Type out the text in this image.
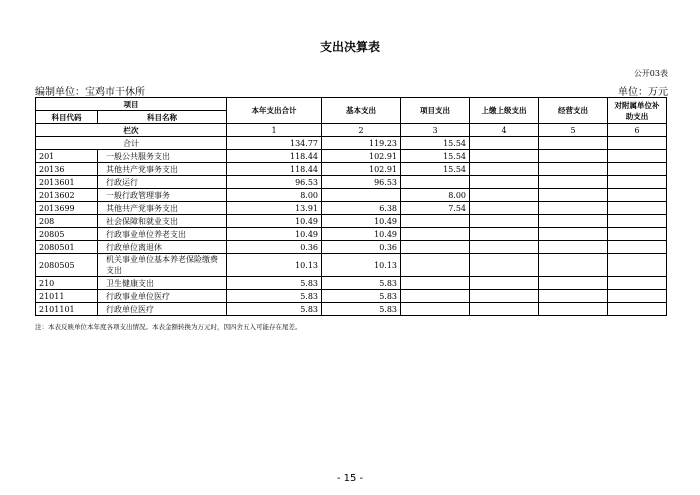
支出决算表
公开03表
编制单位：宝鸡市干休所	单位：万元
项目		本年支出合计	基本支出	项目支出	上缴上级支出	经营支出	对附属单位补助支出
科目代码	科目名称						
栏次		1	2	3	4	5	6
合计		134.77	119.23	15.54			
201	一般公共服务支出	118.44	102.91	15.54			
20136	其他共产党事务支出	118.44	102.91	15.54			
2013601	行政运行	96.53	96.53				
2013602	一般行政管理事务	8.00		8.00			
2013699	其他共产党事务支出	13.91	6.38	7.54			
208	社会保障和就业支出	10.49	10.49				
20805	行政事业单位养老支出	10.49	10.49				
2080501	行政单位离退休	0.36	0.36				
2080505	机关事业单位基本养老保险缴费支出	10.13	10.13				
210	卫生健康支出	5.83	5.83				
21011	行政事业单位医疗	5.83	5.83				
2101101	行政单位医疗	5.83	5.83				
注：本表反映单位本年度各项支出情况。本表金额转换为万元时，因四舍五入可能存在尾差。
- 15 -
